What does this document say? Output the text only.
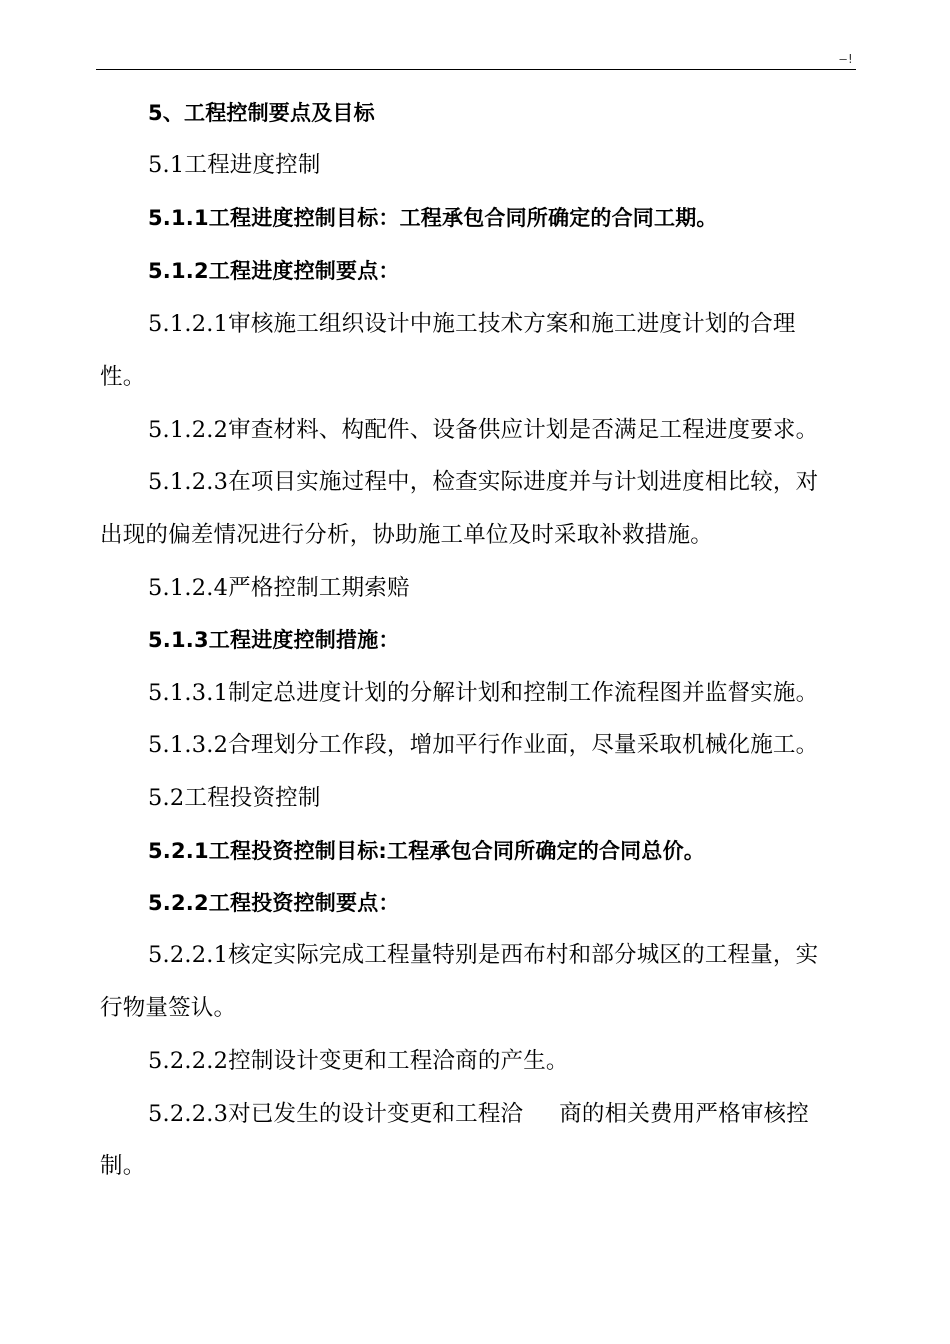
–!
5、工程控制要点及目标
5.1工程进度控制
5.1.1工程进度控制目标：工程承包合同所确定的合同工期。
5.1.2工程进度控制要点：
5.1.2.1审核施工组织设计中施工技术方案和施工进度计划的合理
性。
5.1.2.2审查材料、构配件、设备供应计划是否满足工程进度要求。
5.1.2.3在项目实施过程中，检查实际进度并与计划进度相比较，对
出现的偏差情况进行分析，协助施工单位及时采取补救措施。
5.1.2.4严格控制工期索赔
5.1.3工程进度控制措施：
5.1.3.1制定总进度计划的分解计划和控制工作流程图并监督实施。
5.1.3.2合理划分工作段，增加平行作业面，尽量采取机械化施工。
5.2工程投资控制
5.2.1工程投资控制目标:工程承包合同所确定的合同总价。
5.2.2工程投资控制要点：
5.2.2.1核定实际完成工程量特别是西布村和部分城区的工程量，实
行物量签认。
5.2.2.2控制设计变更和工程洽商的产生。
5.2.2.3对已发生的设计变更和工程洽 商的相关费用严格审核控
制。
